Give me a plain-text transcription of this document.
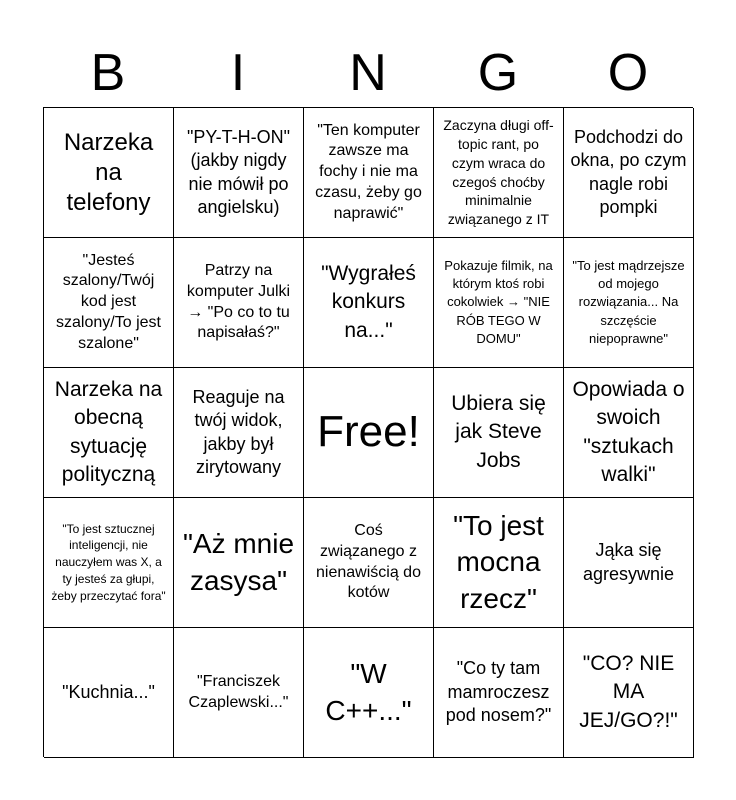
B	I	N	G	O
Narzeka na telefony
"PY-T-H-ON" (jakby nigdy nie mówił po angielsku)
"Ten komputer zawsze ma fochy i nie ma czasu, żeby go naprawić"
Zaczyna długi off-topic rant, po czym wraca do czegoś choćby minimalnie związanego z IT
Podchodzi do okna, po czym nagle robi pompki
"Jesteś szalony/Twój kod jest szalony/To jest szalone"
Patrzy na komputer Julki → "Po co to tu napisałaś?"
"Wygrałeś konkurs na..."
Pokazuje filmik, na którym ktoś robi cokolwiek → "NIE RÓB TEGO W DOMU"
"To jest mądrzejsze od mojego rozwiązania... Na szczęście niepoprawne"
Narzeka na obecną sytuację polityczną
Reaguje na twój widok, jakby był zirytowany
Free!
Ubiera się jak Steve Jobs
Opowiada o swoich "sztukach walki"
"To jest sztucznej inteligencji, nie nauczyłem was X, a ty jesteś za głupi, żeby przeczytać fora"
"Aż mnie zasysa"
Coś związanego z nienawiścią do kotów
"To jest mocna rzecz"
Jąka się agresywnie
"Kuchnia..."
"Franciszek Czaplewski..."
"W C++..."
"Co ty tam mamroczesz pod nosem?"
"CO? NIE MA JEJ/GO?!"
